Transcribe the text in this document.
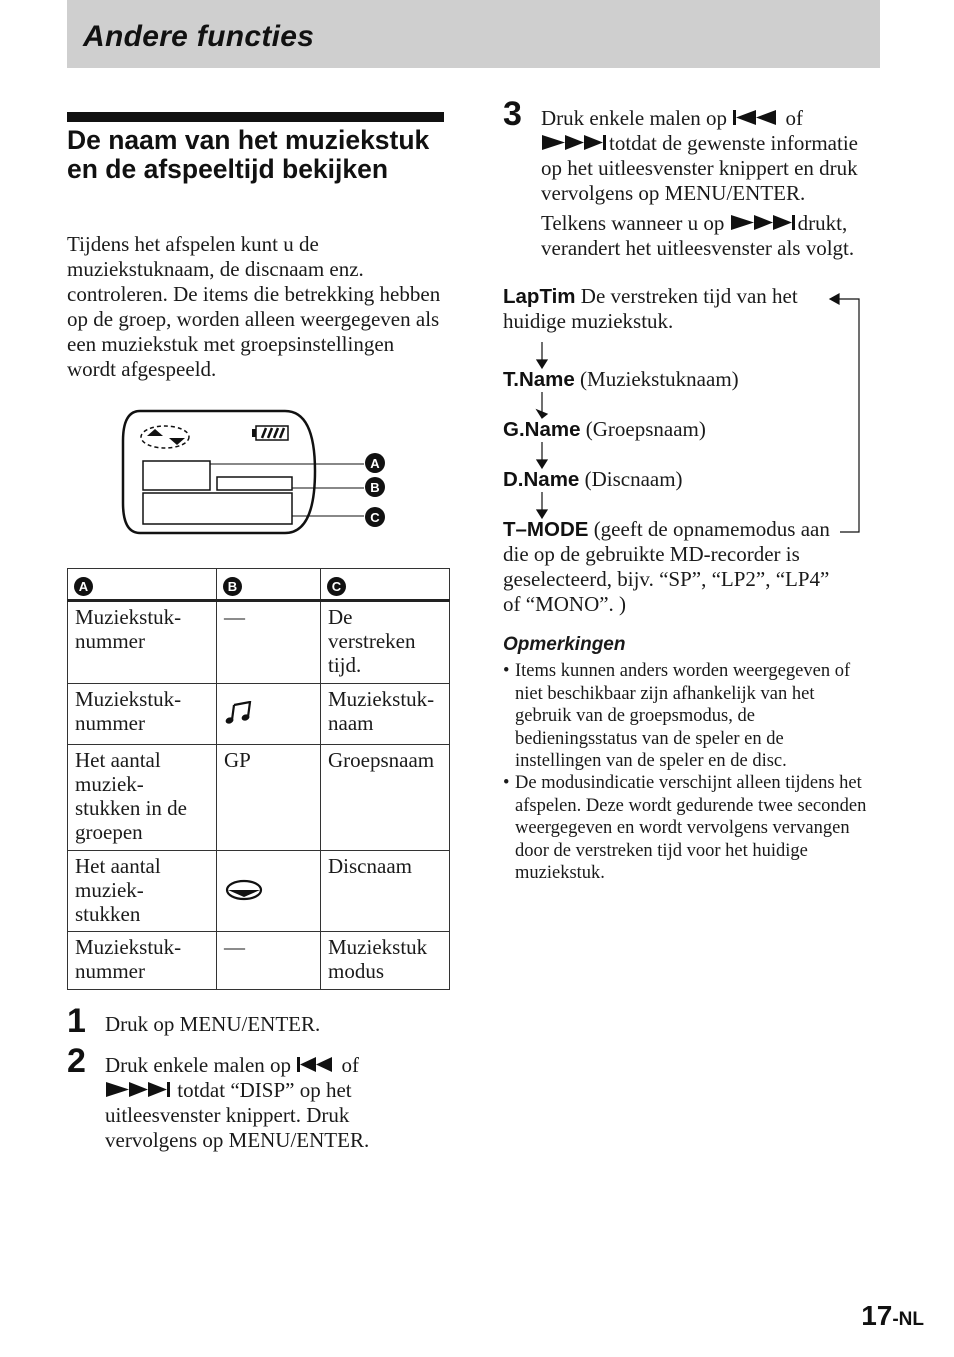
Andere functies
De naam van het muziekstuk en de afspeeltijd bekijken
Tijdens het afspelen kunt u de muziekstuknaam, de discnaam enz. controleren. De items die betrekking hebben op de groep, worden alleen weergegeven als een muziekstuk met groepsinstellingen wordt afgespeeld.
A
B
C
A	B	C
Muziekstuk-
nummer	—	De
verstreken
tijd.
Muziekstuk-
nummer		Muziekstuk-
naam
Het aantal
muziek-
stukken in de
groepen	GP	Groepsnaam
Het aantal
muziek-
stukken		Discnaam
Muziekstuk-
nummer	—	Muziekstuk
modus
1 Druk op MENU/ENTER.
2 Druk enkele malen op of
totdat “DISP” op het uitleesvenster knippert. Druk vervolgens op MENU/ENTER.
3 Druk enkele malen op	of
totdat de gewenste informatie op het uitleesvenster knippert en druk vervolgens op MENU/ENTER.
Telkens wanneer u op	drukt, verandert het uitleesvenster als volgt.
LapTim De verstreken tijd van het huidige muziekstuk.
T.Name (Muziekstuknaam)
G.Name (Groepsnaam)
D.Name (Discnaam)
T–MODE (geeft de opnamemodus aan die op de gebruikte MD-recorder is geselecteerd, bijv. “SP”, “LP2”, “LP4” of “MONO”. )
Opmerkingen
• Items kunnen anders worden weergegeven of niet beschikbaar zijn afhankelijk van het gebruik van de groepsmodus, de bedieningsstatus van de speler en de instellingen van de speler en de disc.
• De modusindicatie verschijnt alleen tijdens het afspelen. Deze wordt gedurende twee seconden weergegeven en wordt vervolgens vervangen door de verstreken tijd voor het huidige muziekstuk.
17-NL
